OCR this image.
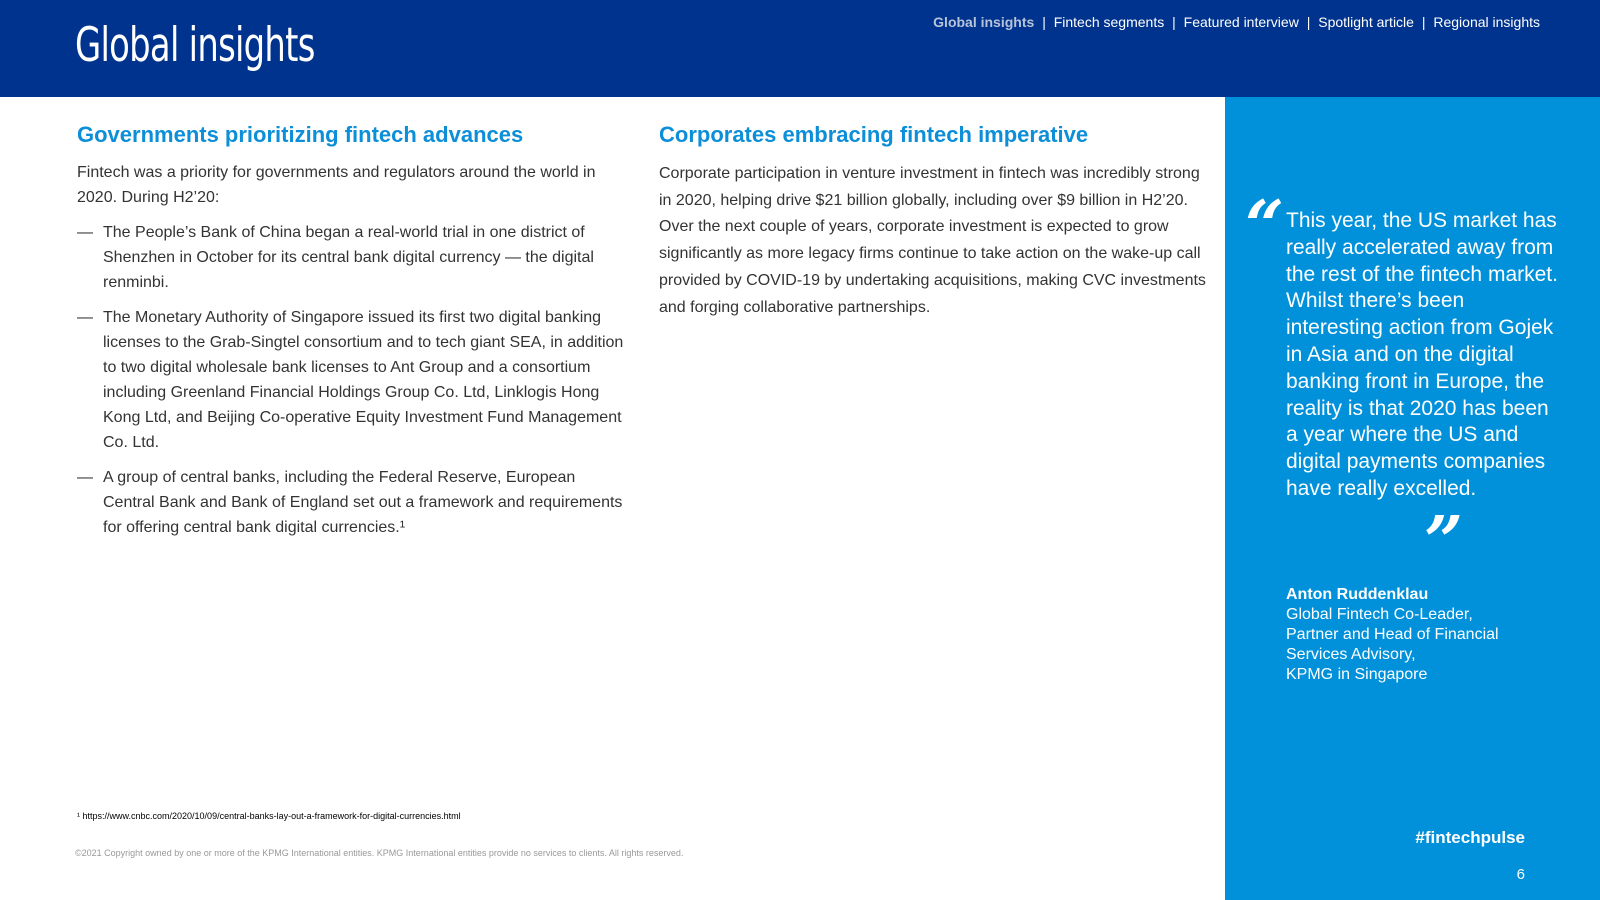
Global insights	Global insights | Fintech segments | Featured interview | Spotlight article | Regional insights
Governments prioritizing fintech advances

Fintech was a priority for governments and regulators around the world in 2020. During H2’20:

— The People’s Bank of China began a real-world trial in one district of Shenzhen in October for its central bank digital currency — the digital renminbi.
— The Monetary Authority of Singapore issued its first two digital banking licenses to the Grab-Singtel consortium and to tech giant SEA, in addition to two digital wholesale bank licenses to Ant Group and a consortium including Greenland Financial Holdings Group Co. Ltd, Linklogis Hong Kong Ltd, and Beijing Co-operative Equity Investment Fund Management Co. Ltd.
— A group of central banks, including the Federal Reserve, European Central Bank and Bank of England set out a framework and requirements for offering central bank digital currencies.¹
Corporates embracing fintech imperative

Corporate participation in venture investment in fintech was incredibly strong in 2020, helping drive $21 billion globally, including over $9 billion in H2’20. Over the next couple of years, corporate investment is expected to grow significantly as more legacy firms continue to take action on the wake-up call provided by COVID-19 by undertaking acquisitions, making CVC investments and forging collaborative partnerships.

¹ https://www.cnbc.com/2020/10/09/central-banks-lay-out-a-framework-for-digital-currencies.html
©2021 Copyright owned by one or more of the KPMG International entities. KPMG International entities provide no services to clients. All rights reserved.
“ This year, the US market has really accelerated away from the rest of the fintech market. Whilst there’s been interesting action from Gojek in Asia and on the digital banking front in Europe, the reality is that 2020 has been a year where the US and digital payments companies have really excelled.

”
Anton Ruddenklau
Global Fintech Co-Leader,
Partner and Head of Financial Services Advisory,
KPMG in Singapore
#fintechpulse
6
